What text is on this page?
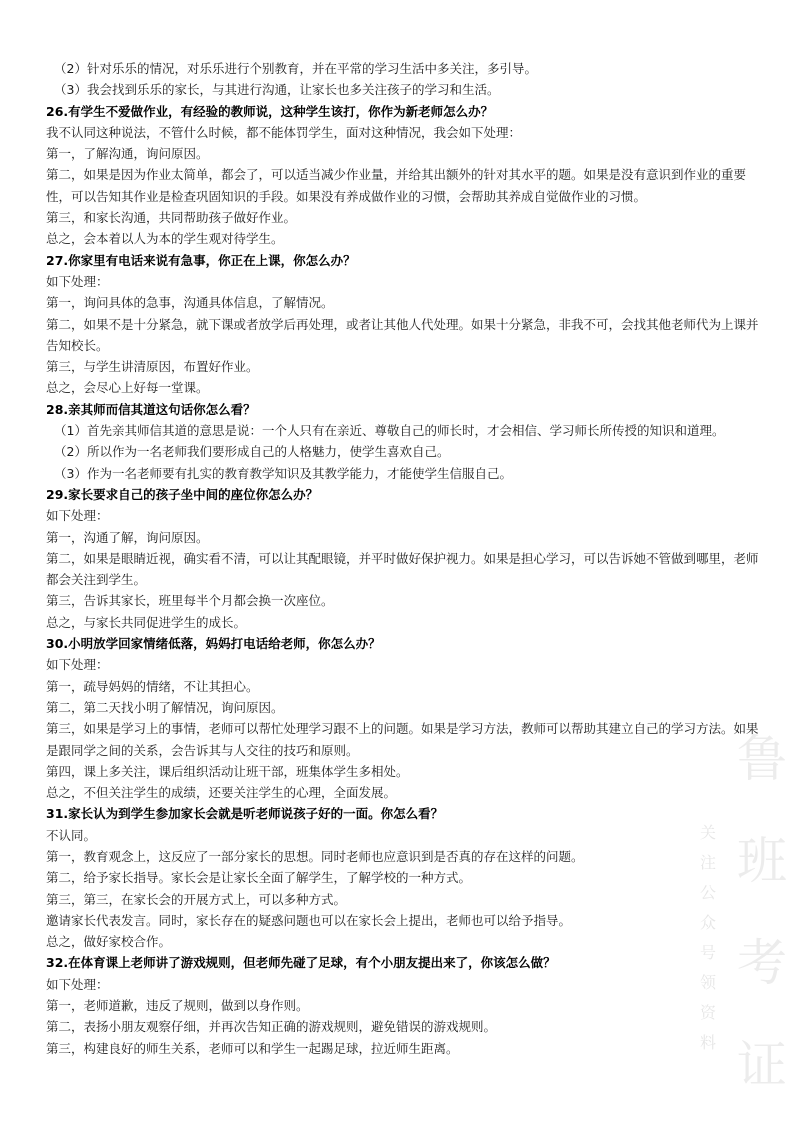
（2）针对乐乐的情况，对乐乐进行个别教育，并在平常的学习生活中多关注，多引导。
（3）我会找到乐乐的家长，与其进行沟通，让家长也多关注孩子的学习和生活。
26.有学生不爱做作业，有经验的教师说，这种学生该打，你作为新老师怎么办？
我不认同这种说法，不管什么时候，都不能体罚学生，面对这种情况，我会如下处理：
第一，了解沟通，询问原因。
第二，如果是因为作业太简单，都会了，可以适当减少作业量，并给其出额外的针对其水平的题。如果是没有意识到作业的重要性，可以告知其作业是检查巩固知识的手段。如果没有养成做作业的习惯，会帮助其养成自觉做作业的习惯。
第三，和家长沟通，共同帮助孩子做好作业。
总之，会本着以人为本的学生观对待学生。
27.你家里有电话来说有急事，你正在上课，你怎么办？
如下处理：
第一，询问具体的急事，沟通具体信息，了解情况。
第二，如果不是十分紧急，就下课或者放学后再处理，或者让其他人代处理。如果十分紧急，非我不可，会找其他老师代为上课并告知校长。
第三，与学生讲清原因，布置好作业。
总之，会尽心上好每一堂课。
28.亲其师而信其道这句话你怎么看？
（1）首先亲其师信其道的意思是说：一个人只有在亲近、尊敬自己的师长时，才会相信、学习师长所传授的知识和道理。
（2）所以作为一名老师我们要形成自己的人格魅力，使学生喜欢自己。
（3）作为一名老师要有扎实的教育教学知识及其教学能力，才能使学生信服自己。
29.家长要求自己的孩子坐中间的座位你怎么办？
如下处理：
第一，沟通了解，询问原因。
第二，如果是眼睛近视，确实看不清，可以让其配眼镜，并平时做好保护视力。如果是担心学习，可以告诉她不管做到哪里，老师都会关注到学生。
第三，告诉其家长，班里每半个月都会换一次座位。
总之，与家长共同促进学生的成长。
30.小明放学回家情绪低落，妈妈打电话给老师，你怎么办？
如下处理：
第一，疏导妈妈的情绪，不让其担心。
第二，第二天找小明了解情况，询问原因。
第三，如果是学习上的事情，老师可以帮忙处理学习跟不上的问题。如果是学习方法，教师可以帮助其建立自己的学习方法。如果是跟同学之间的关系，会告诉其与人交往的技巧和原则。
第四，课上多关注，课后组织活动让班干部，班集体学生多相处。
总之，不但关注学生的成绩，还要关注学生的心理，全面发展。
31.家长认为到学生参加家长会就是听老师说孩子好的一面。你怎么看？
不认同。
第一，教育观念上，这反应了一部分家长的思想。同时老师也应意识到是否真的存在这样的问题。
第二，给予家长指导。家长会是让家长全面了解学生，了解学校的一种方式。
第三，第三，在家长会的开展方式上，可以多种方式。
邀请家长代表发言。同时，家长存在的疑惑问题也可以在家长会上提出，老师也可以给予指导。
总之，做好家校合作。
32.在体育课上老师讲了游戏规则，但老师先碰了足球，有个小朋友提出来了，你该怎么做？
如下处理：
第一，老师道歉，违反了规则，做到以身作则。
第二，表扬小朋友观察仔细，并再次告知正确的游戏规则，避免错误的游戏规则。
第三，构建良好的师生关系，老师可以和学生一起踢足球，拉近师生距离。
鲁
班
考
证
关
注
公
众
号
领
资
料
